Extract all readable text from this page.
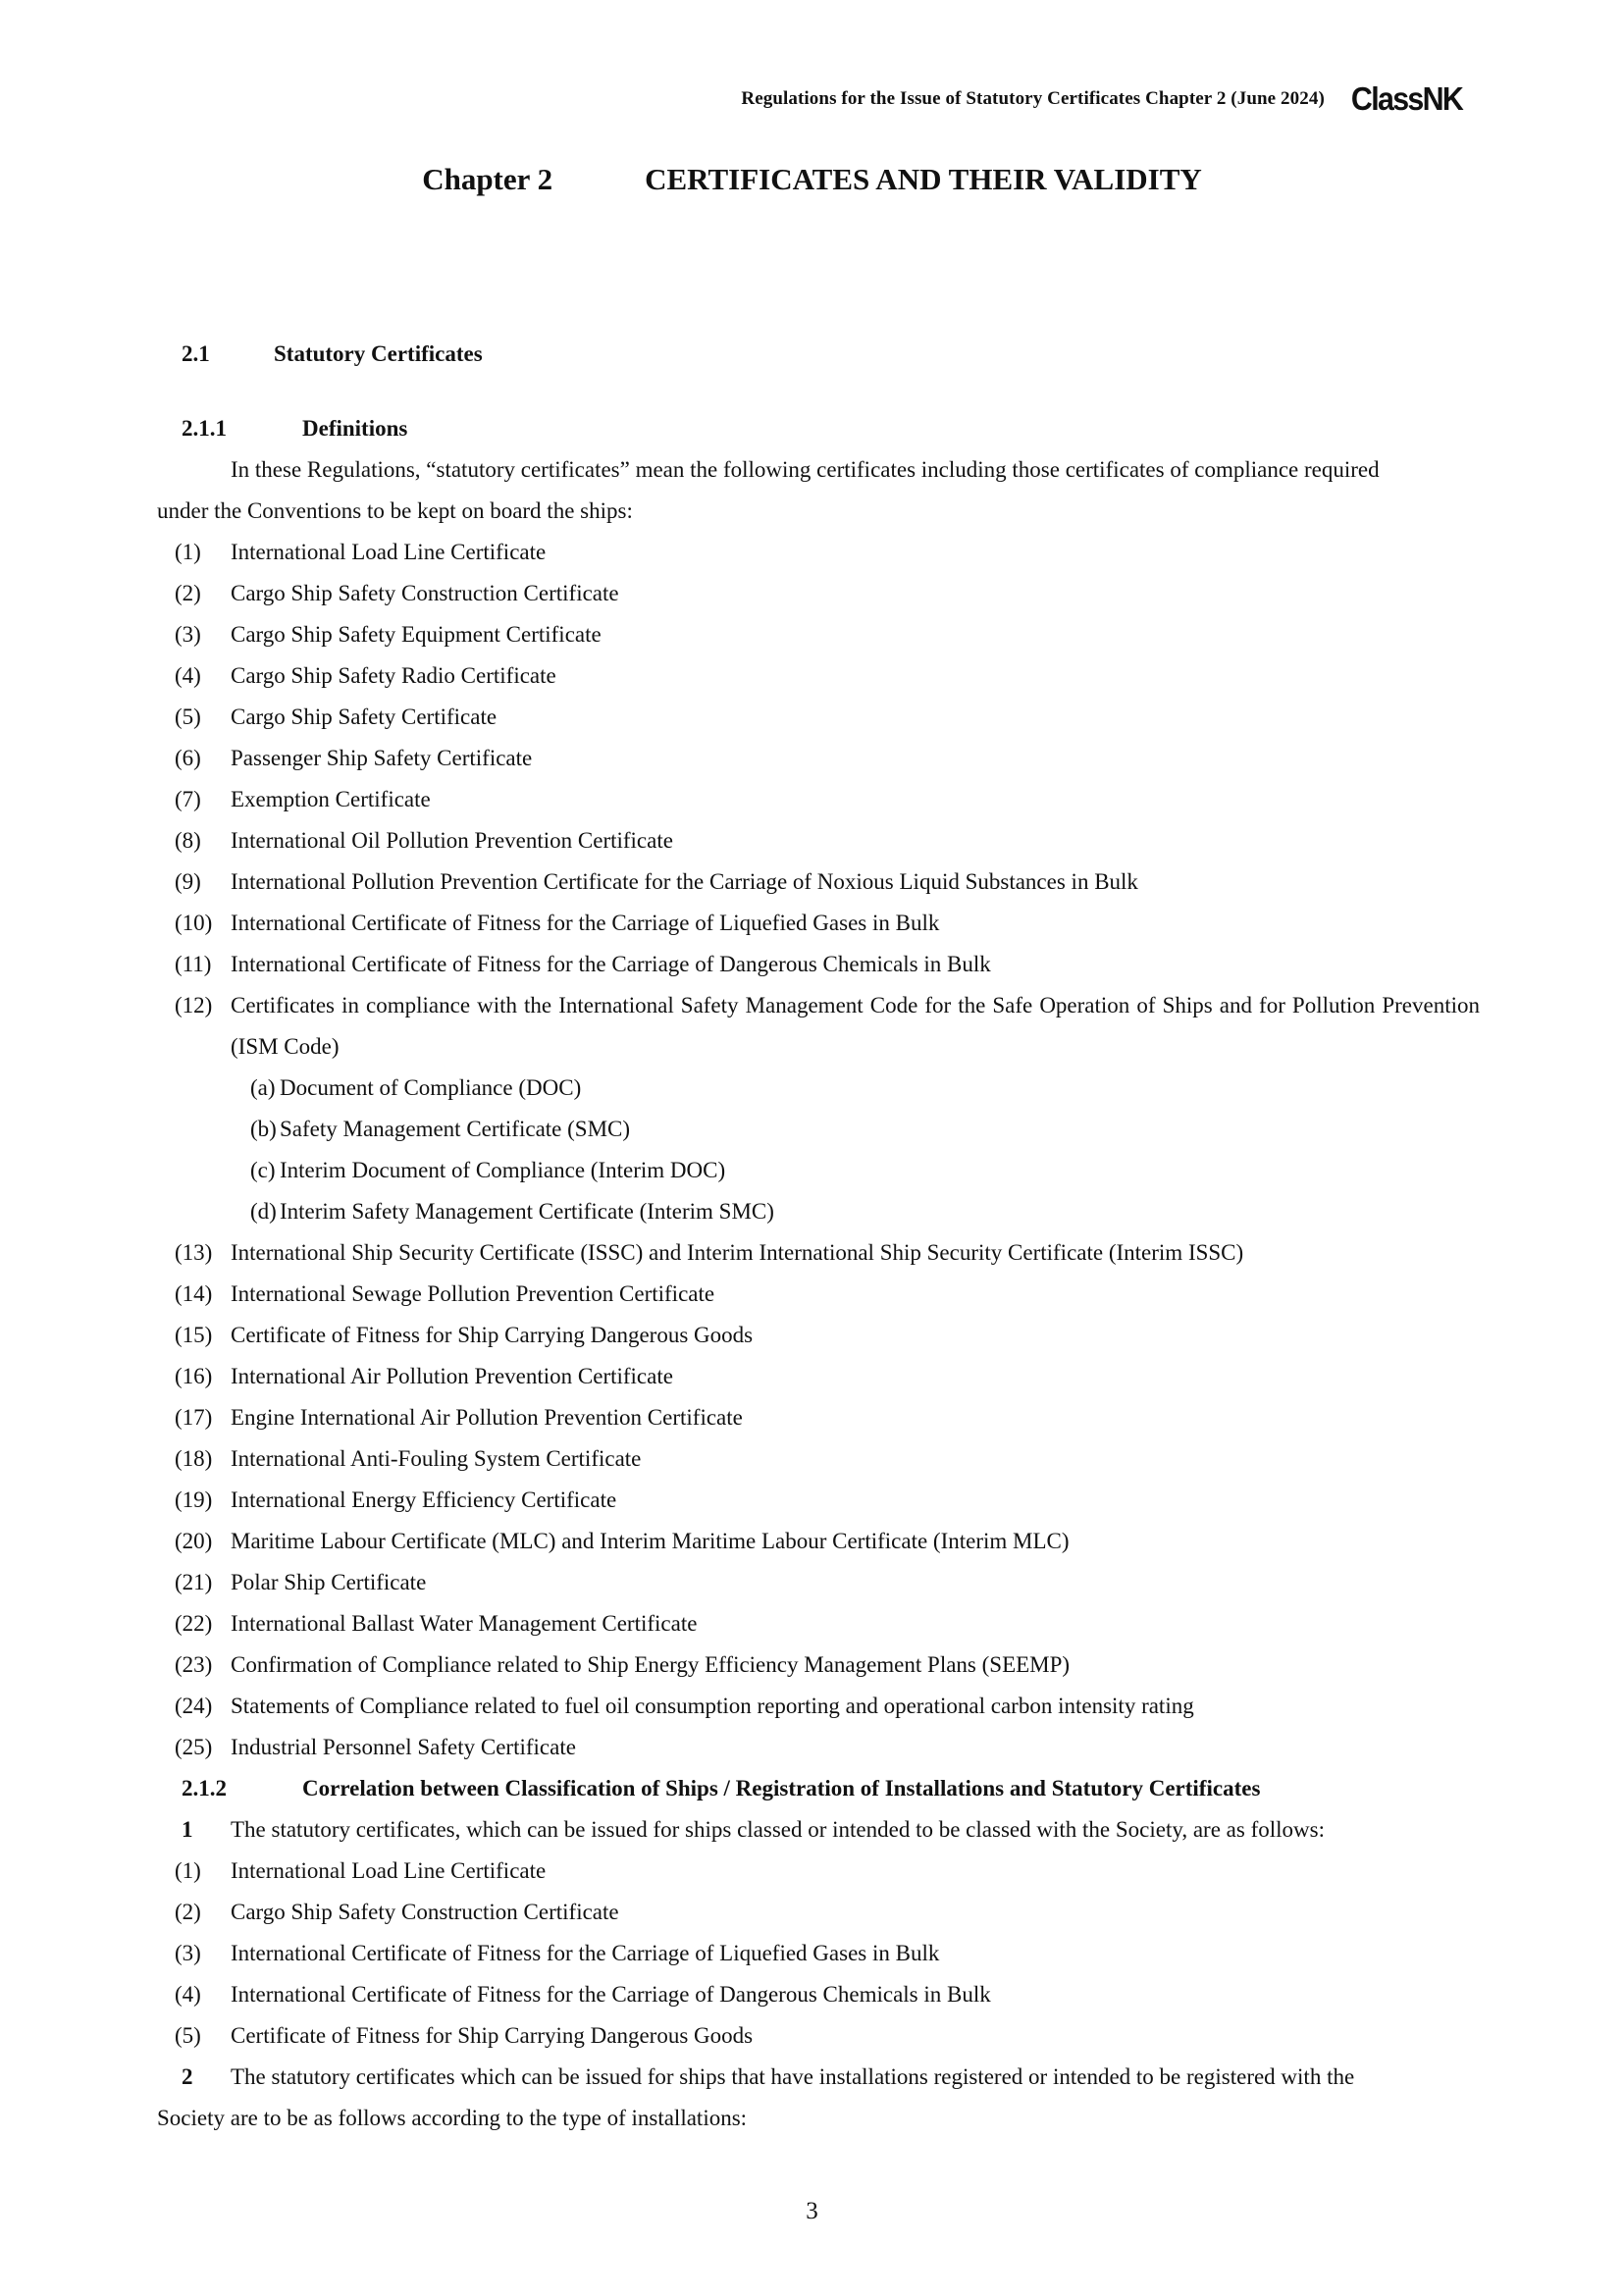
Regulations for the Issue of Statutory Certificates Chapter 2 (June 2024) ClassNK
Chapter 2	CERTIFICATES AND THEIR VALIDITY
2.1	Statutory Certificates
2.1.1	Definitions
In these Regulations, “statutory certificates” mean the following certificates including those certificates of compliance required
under the Conventions to be kept on board the ships:
(1)	International Load Line Certificate
(2)	Cargo Ship Safety Construction Certificate
(3)	Cargo Ship Safety Equipment Certificate
(4)	Cargo Ship Safety Radio Certificate
(5)	Cargo Ship Safety Certificate
(6)	Passenger Ship Safety Certificate
(7)	Exemption Certificate
(8)	International Oil Pollution Prevention Certificate
(9)	International Pollution Prevention Certificate for the Carriage of Noxious Liquid Substances in Bulk
(10) International Certificate of Fitness for the Carriage of Liquefied Gases in Bulk
(11) International Certificate of Fitness for the Carriage of Dangerous Chemicals in Bulk
(12) Certificates in compliance with the International Safety Management Code for the Safe Operation of Ships and for Pollution Prevention (ISM Code)
(a) Document of Compliance (DOC)
(b) Safety Management Certificate (SMC)
(c) Interim Document of Compliance (Interim DOC)
(d) Interim Safety Management Certificate (Interim SMC)
(13) International Ship Security Certificate (ISSC) and Interim International Ship Security Certificate (Interim ISSC)
(14) International Sewage Pollution Prevention Certificate
(15) Certificate of Fitness for Ship Carrying Dangerous Goods
(16) International Air Pollution Prevention Certificate
(17) Engine International Air Pollution Prevention Certificate
(18) International Anti-Fouling System Certificate
(19) International Energy Efficiency Certificate
(20) Maritime Labour Certificate (MLC) and Interim Maritime Labour Certificate (Interim MLC)
(21) Polar Ship Certificate
(22) International Ballast Water Management Certificate
(23) Confirmation of Compliance related to Ship Energy Efficiency Management Plans (SEEMP)
(24) Statements of Compliance related to fuel oil consumption reporting and operational carbon intensity rating
(25) Industrial Personnel Safety Certificate
2.1.2	Correlation between Classification of Ships / Registration of Installations and Statutory Certificates
1	The statutory certificates, which can be issued for ships classed or intended to be classed with the Society, are as follows:
(1)	International Load Line Certificate
(2)	Cargo Ship Safety Construction Certificate
(3)	International Certificate of Fitness for the Carriage of Liquefied Gases in Bulk
(4)	International Certificate of Fitness for the Carriage of Dangerous Chemicals in Bulk
(5)	Certificate of Fitness for Ship Carrying Dangerous Goods
2	The statutory certificates which can be issued for ships that have installations registered or intended to be registered with the
Society are to be as follows according to the type of installations:
3
